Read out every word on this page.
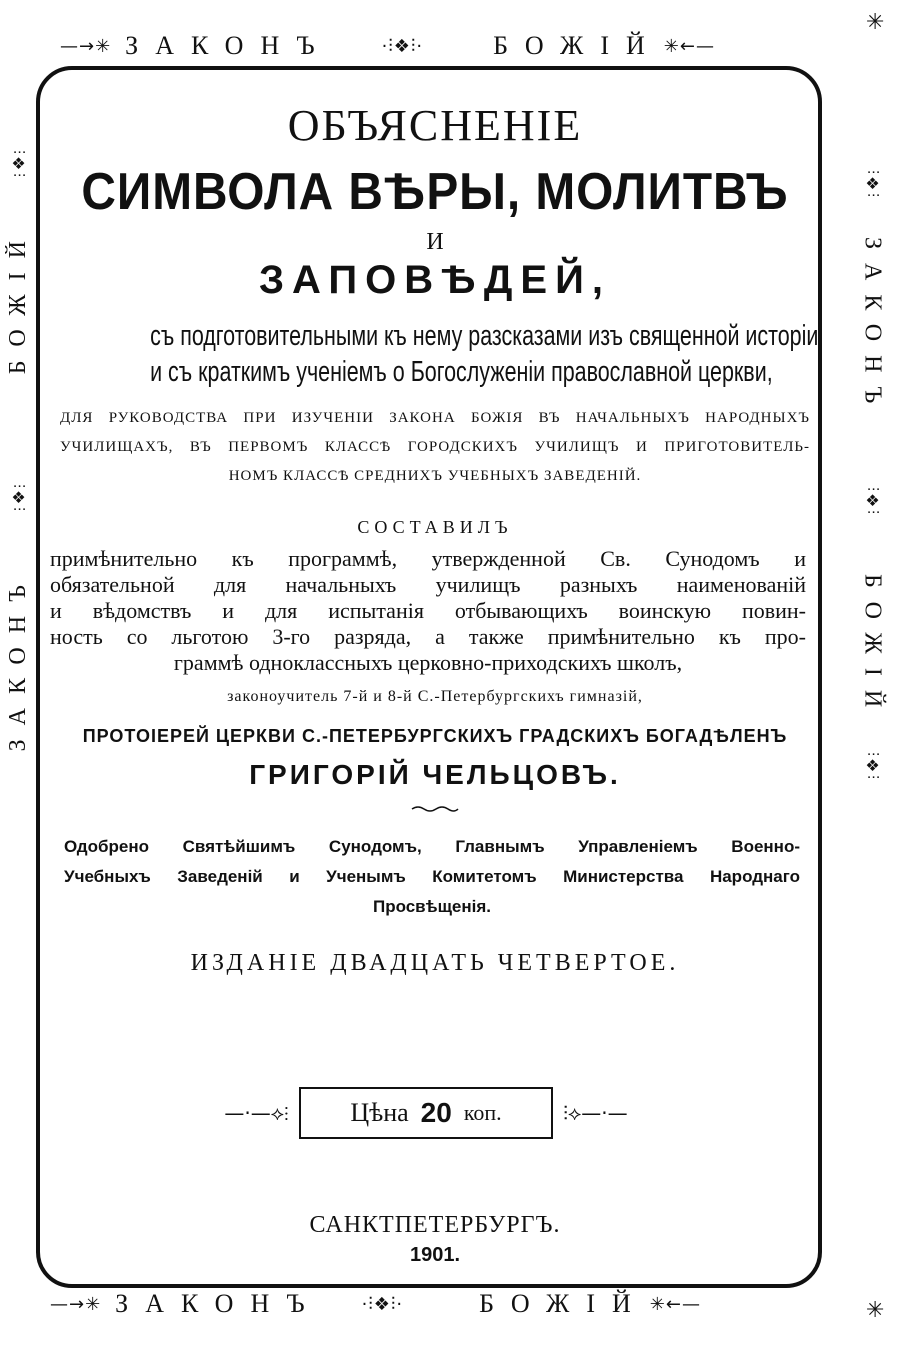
✳
✳
—→✳ ЗАКОНЪ	·⫶❖⫶·	БОЖІЙ ✳←—
—→✳ ЗАКОНЪ ·⫶❖⫶·	БОЖІЙ ✳←—
⫶❖⫶
БОЖІЙ
⫶❖⫶
ЗАКОНЪ
⫶❖⫶
ЗАКОНЪ
⫶❖⫶
БОЖІЙ
⫶❖⫶
ОБЪЯСНЕНІЕ
СИМВОЛА ВѢРЫ, МОЛИТВЪ
И
ЗАПОВѢДЕЙ,
съ подготовительными къ нему разсказами изъ священной исторіи
и съ краткимъ ученіемъ о Богослуженіи православной церкви,
ДЛЯ РУКОВОДСТВА ПРИ ИЗУЧЕНІИ ЗАКОНА БОЖІЯ ВЪ НАЧАЛЬНЫХЪ НАРОДНЫХЪ
УЧИЛИЩАХЪ, ВЪ ПЕРВОМЪ КЛАССѢ ГОРОДСКИХЪ УЧИЛИЩЪ И ПРИГОТОВИТЕЛЬ-
НОМЪ КЛАССѢ СРЕДНИХЪ УЧЕБНЫХЪ ЗАВЕДЕНІЙ.
СОСТАВИЛЪ
примѣнительно къ программѣ, утвержденной Св. Сунодомъ и
обязательной для начальныхъ училищъ разныхъ наименованій
и вѣдомствъ и для испытанія отбывающихъ воинскую повин-
ность со льготою 3-го разряда, а также примѣнительно къ про-
граммѣ одноклассныхъ церковно-приходскихъ школъ,
законоучитель 7-й и 8-й С.-Петербургскихъ гимназій,
ПРОТОІЕРЕЙ ЦЕРКВИ С.-ПЕТЕРБУРГСКИХЪ ГРАДСКИХЪ БОГАДѢЛЕНЪ
ГРИГОРІЙ ЧЕЛЬЦОВЪ.
Одобрено Святѣйшимъ Сунодомъ, Главнымъ Управленіемъ Военно-
Учебныхъ Заведеній и Ученымъ Комитетомъ Министерства Народнаго
Просвѣщенія.
ИЗДАНІЕ ДВАДЦАТЬ ЧЕТВЕРТОЕ.
—·—⟡⫶ Цѣна 20 коп.	⫶⟡—·—
САНКТПЕТЕРБУРГЪ.
1901.
